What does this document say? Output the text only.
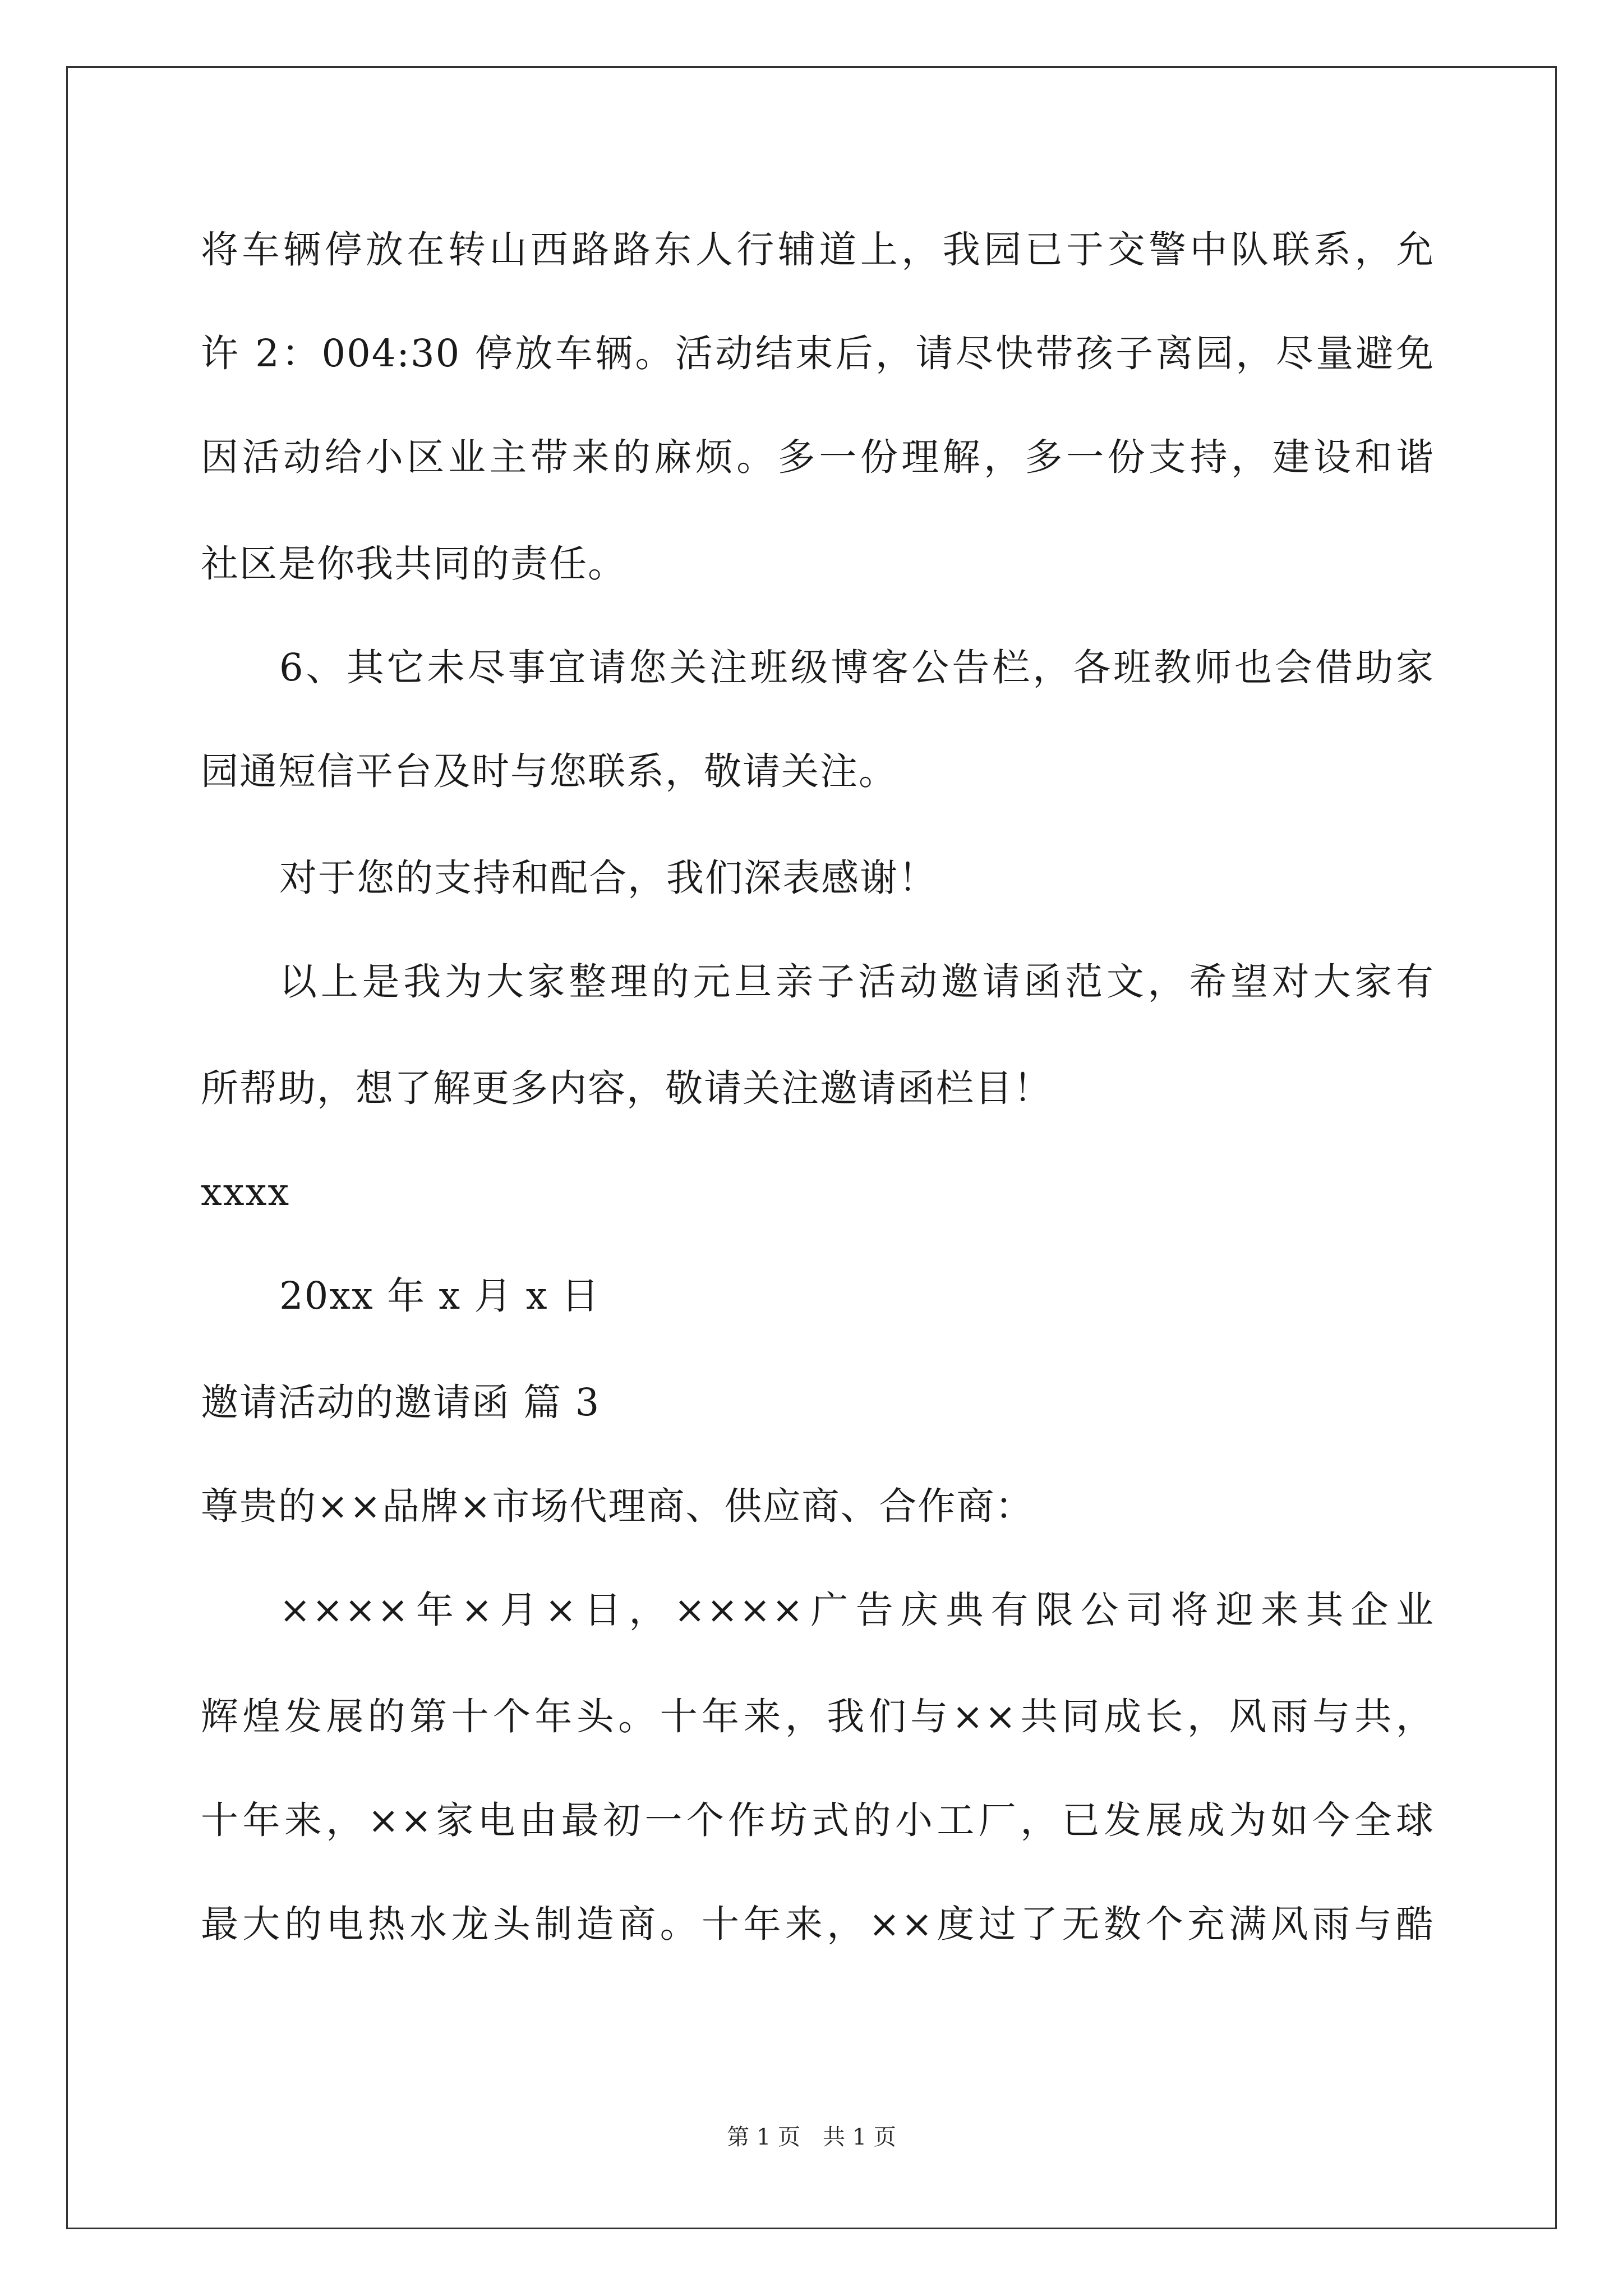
将车辆停放在转山西路路东人行辅道上，我园已于交警中队联系，允
许 2：004:30 停放车辆。活动结束后，请尽快带孩子离园，尽量避免
因活动给小区业主带来的麻烦。多一份理解，多一份支持，建设和谐
社区是你我共同的责任。
6、其它未尽事宜请您关注班级博客公告栏，各班教师也会借助家
园通短信平台及时与您联系，敬请关注。
对于您的支持和配合，我们深表感谢！
以上是我为大家整理的元旦亲子活动邀请函范文，希望对大家有
所帮助，想了解更多内容，敬请关注邀请函栏目！
xxxx
20xx 年 x 月 x 日
邀请活动的邀请函 篇 3
尊贵的××品牌×市场代理商、供应商、合作商：
××××年×月×日，××××广告庆典有限公司将迎来其企业
辉煌发展的第十个年头。十年来，我们与××共同成长，风雨与共，
十年来，××家电由最初一个作坊式的小工厂，已发展成为如今全球
最大的电热水龙头制造商。十年来，××度过了无数个充满风雨与酷
第 1 页　共 1 页
